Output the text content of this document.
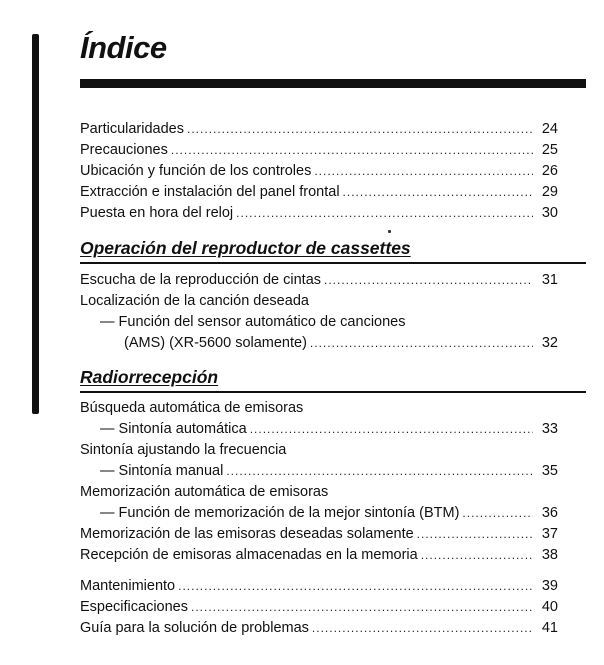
Índice
Particularidades .....	24
Precauciones .....	25
Ubicación y función de los controles .....	26
Extracción e instalación del panel frontal .....	29
Puesta en hora del reloj .....	30
Operación del reproductor de cassettes
Escucha de la reproducción de cintas .....	31
Localización de la canción deseada
— Función del sensor automático de canciones
(AMS) (XR-5600 solamente) .....	32
Radiorrecepción
Búsqueda automática de emisoras
— Sintonía automática .....	33
Sintonía ajustando la frecuencia
— Sintonía manual .....	35
Memorización automática de emisoras
— Función de memorización de la mejor sintonía (BTM) .....	36
Memorización de las emisoras deseadas solamente .....	37
Recepción de emisoras almacenadas en la memoria .....	38
Mantenimiento .....	39
Especificaciones .....	40
Guía para la solución de problemas .....	41
